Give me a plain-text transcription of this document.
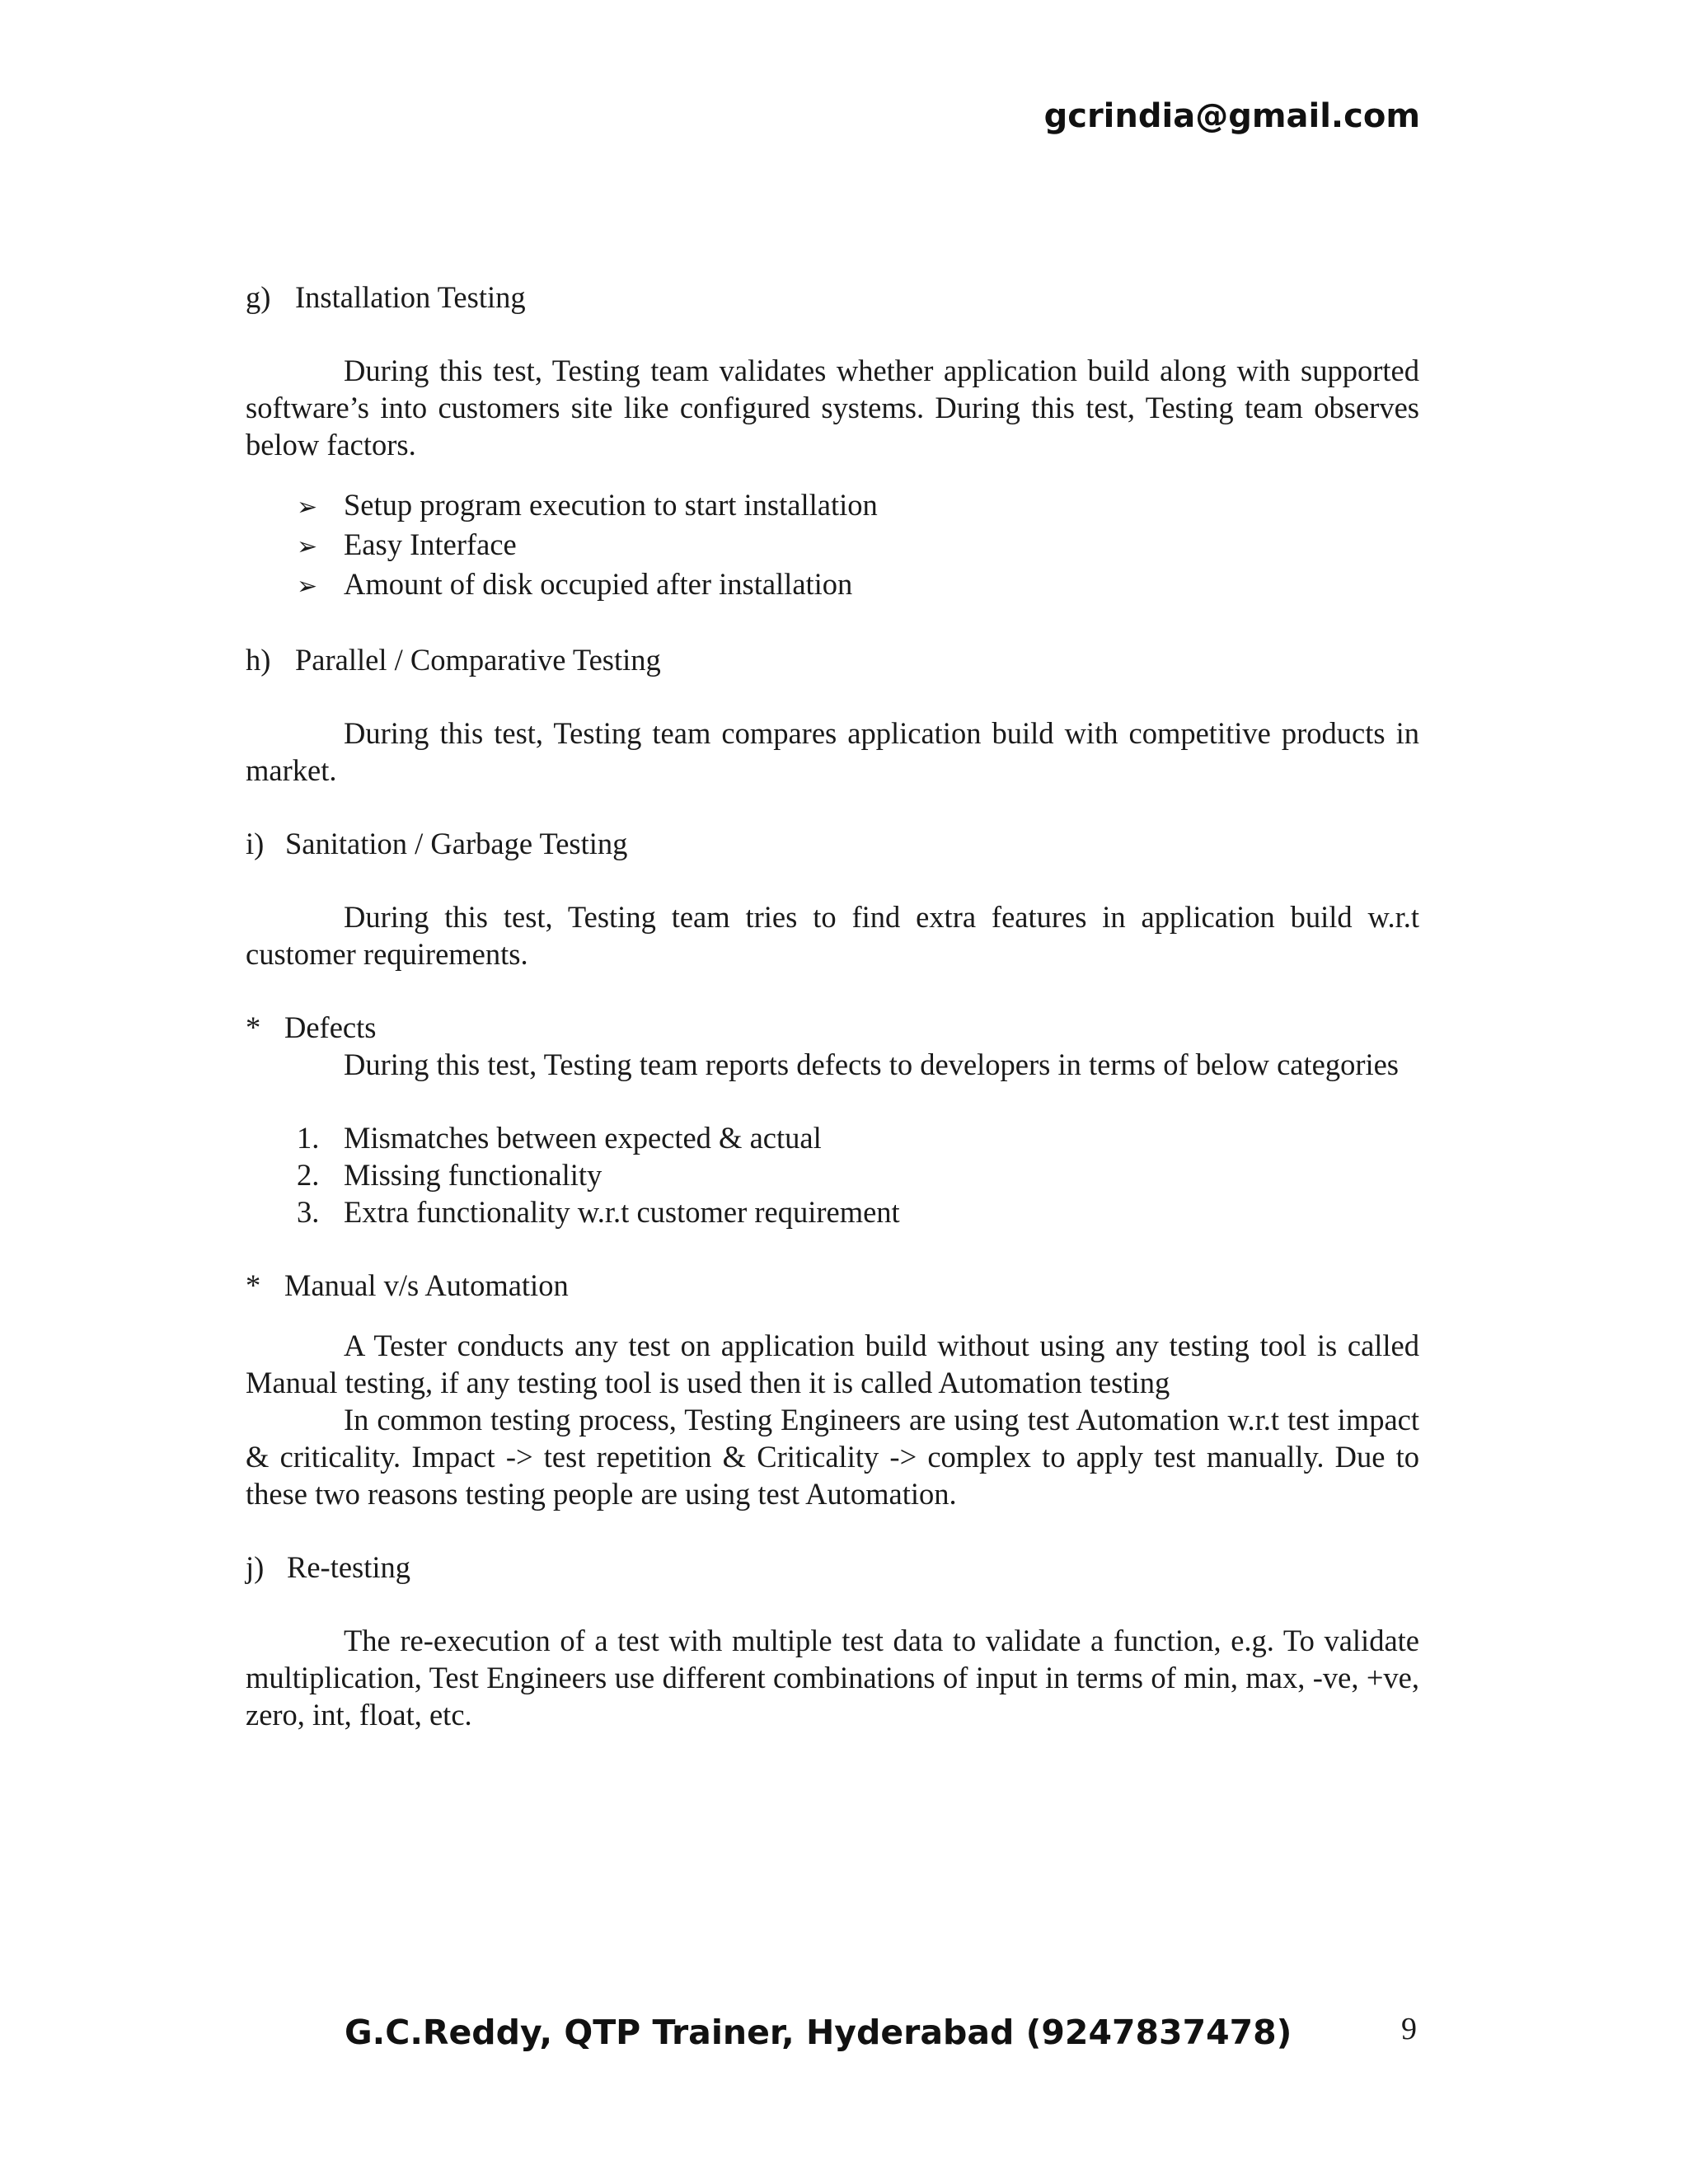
gcrindia@gmail.com
g) Installation Testing

During this test, Testing team validates whether application build along with supported software’s into customers site like configured systems. During this test, Testing team observes below factors.

➢ Setup program execution to start installation
➢ Easy Interface
➢ Amount of disk occupied after installation
h) Parallel / Comparative Testing

During this test, Testing team compares application build with competitive products in market.

i) Sanitation / Garbage Testing

During this test, Testing team tries to find extra features in application build w.r.t customer requirements.

* Defects

During this test, Testing team reports defects to developers in terms of below categories

1. Mismatches between expected & actual
2. Missing functionality
3. Extra functionality w.r.t customer requirement
* Manual v/s Automation

A Tester conducts any test on application build without using any testing tool is called Manual testing, if any testing tool is used then it is called Automation testing

In common testing process, Testing Engineers are using test Automation w.r.t test impact & criticality. Impact -> test repetition & Criticality -> complex to apply test manually. Due to these two reasons testing people are using test Automation.

j) Re-testing

The re-execution of a test with multiple test data to validate a function, e.g. To validate multiplication, Test Engineers use different combinations of input in terms of min, max, -ve, +ve, zero, int, float, etc.

G.C.Reddy, QTP Trainer, Hyderabad (9247837478)	9
